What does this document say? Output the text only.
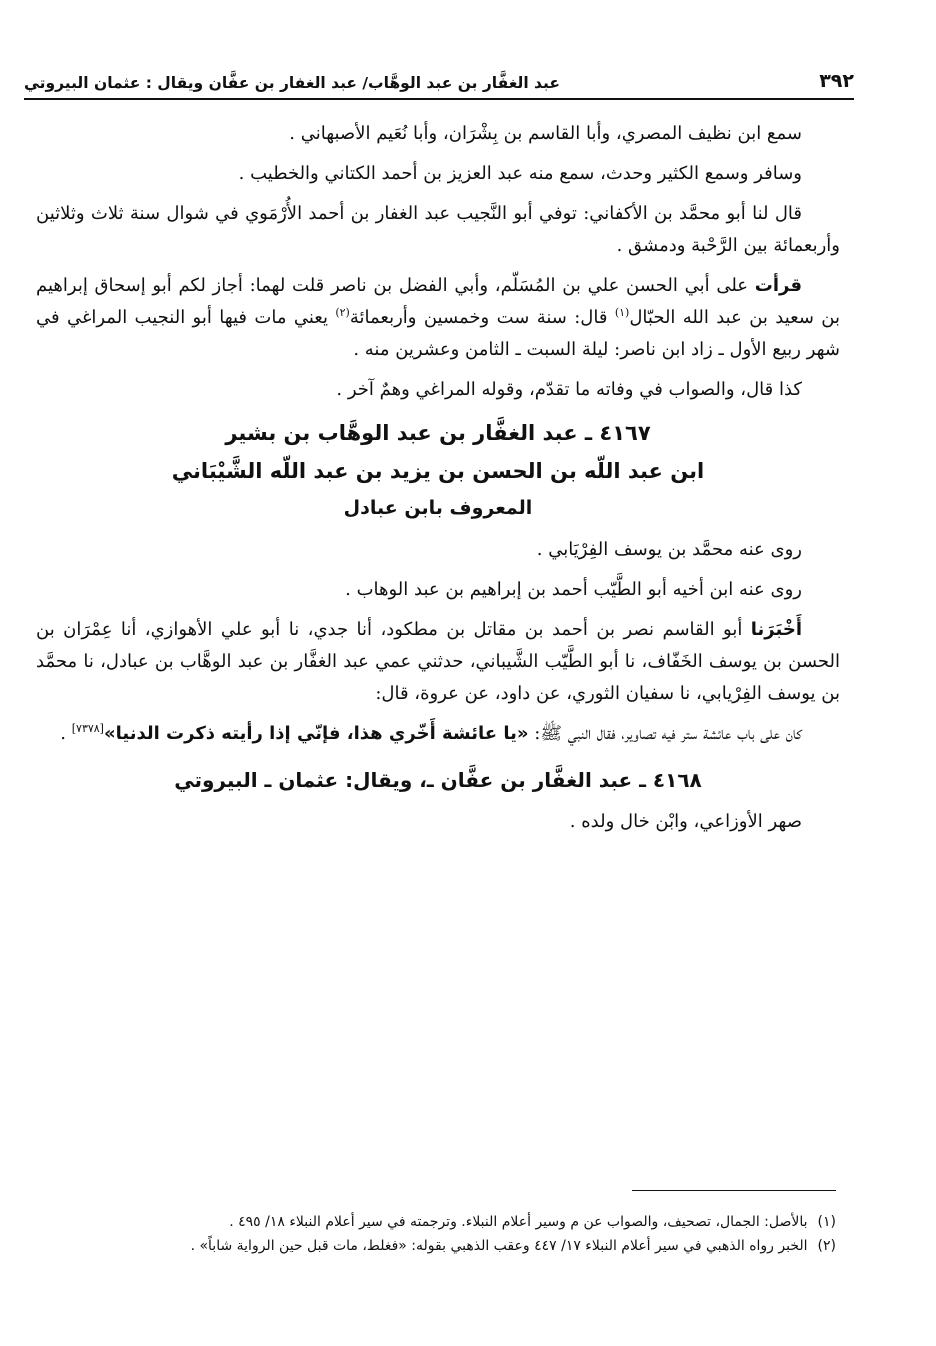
٣٩٢
عبد الغفَّار بن عبد الوهَّاب/ عبد الغفار بن عفَّان ويقال : عثمان البيروتي

سمع ابن نظيف المصري، وأبا القاسم بن بِشْرَان، وأبا نُعَيم الأصبهاني .

وسافر وسمع الكثير وحدث، سمع منه عبد العزيز بن أحمد الكتاني والخطيب .

قال لنا أبو محمَّد بن الأكفاني: توفي أبو النَّجيب عبد الغفار بن أحمد الأُرْمَوي في شوال سنة ثلاث وثلاثين وأربعمائة بين الرَّحْبة ودمشق .

قرأت على أبي الحسن علي بن المُسَلّم، وأبي الفضل بن ناصر قلت لهما: أجاز لكم أبو إسحاق إبراهيم بن سعيد بن عبد الله الحبّال$^{(١)}$ قال: سنة ست وخمسين وأربعمائة$^{(٢)}$ يعني مات فيها أبو النجيب المراغي في شهر ربيع الأول ـ زاد ابن ناصر: ليلة السبت ـ الثامن وعشرين منه .

كذا قال، والصواب في وفاته ما تقدّم، وقوله المراغي وهمٌ آخر .

٤١٦٧ ـ عبد الغفَّار بن عبد الوهَّاب بن بشير
ابن عبد اللّه بن الحسن بن يزيد بن عبد اللّه الشَّيْبَاني
المعروف بابن عبادل

روى عنه محمَّد بن يوسف الفِرْيَابي .

روى عنه ابن أخيه أبو الطَّيّب أحمد بن إبراهيم بن عبد الوهاب .

أَخْبَرَنا أبو القاسم نصر بن أحمد بن مقاتل بن مطكود، أنا جدي، نا أبو علي الأهوازي، أنا عِمْرَان بن الحسن بن يوسف الخَفّاف، نا أبو الطَّيّب الشَّيباني، حدثني عمي عبد الغفَّار بن عبد الوهَّاب بن عبادل، نا محمَّد بن يوسف الفِرْيابي، نا سفيان الثوري، عن داود، عن عروة، قال:

كان على باب عائشة ستر فيه تصاوير، فقال النبي ﷺ: «يا عائشة أَخّري هذا، فإنّي إذا رأيته ذكرت الدنيا»[٧٣٧٨] .

٤١٦٨ ـ عبد الغفَّار بن عفَّان ـ، ويقال: عثمان ـ البيروتي

صهر الأوزاعي، وابْن خال ولده .

(١)
بالأصل: الجمال، تصحيف، والصواب عن م وسير أعلام النبلاء. وترجمته في سير أعلام النبلاء ١٨/ ٤٩٥ .
(٢)
الخبر رواه الذهبي في سير أعلام النبلاء ١٧/ ٤٤٧ وعقب الذهبي بقوله: «فغلط، مات قبل حين الرواية شاباً» .
